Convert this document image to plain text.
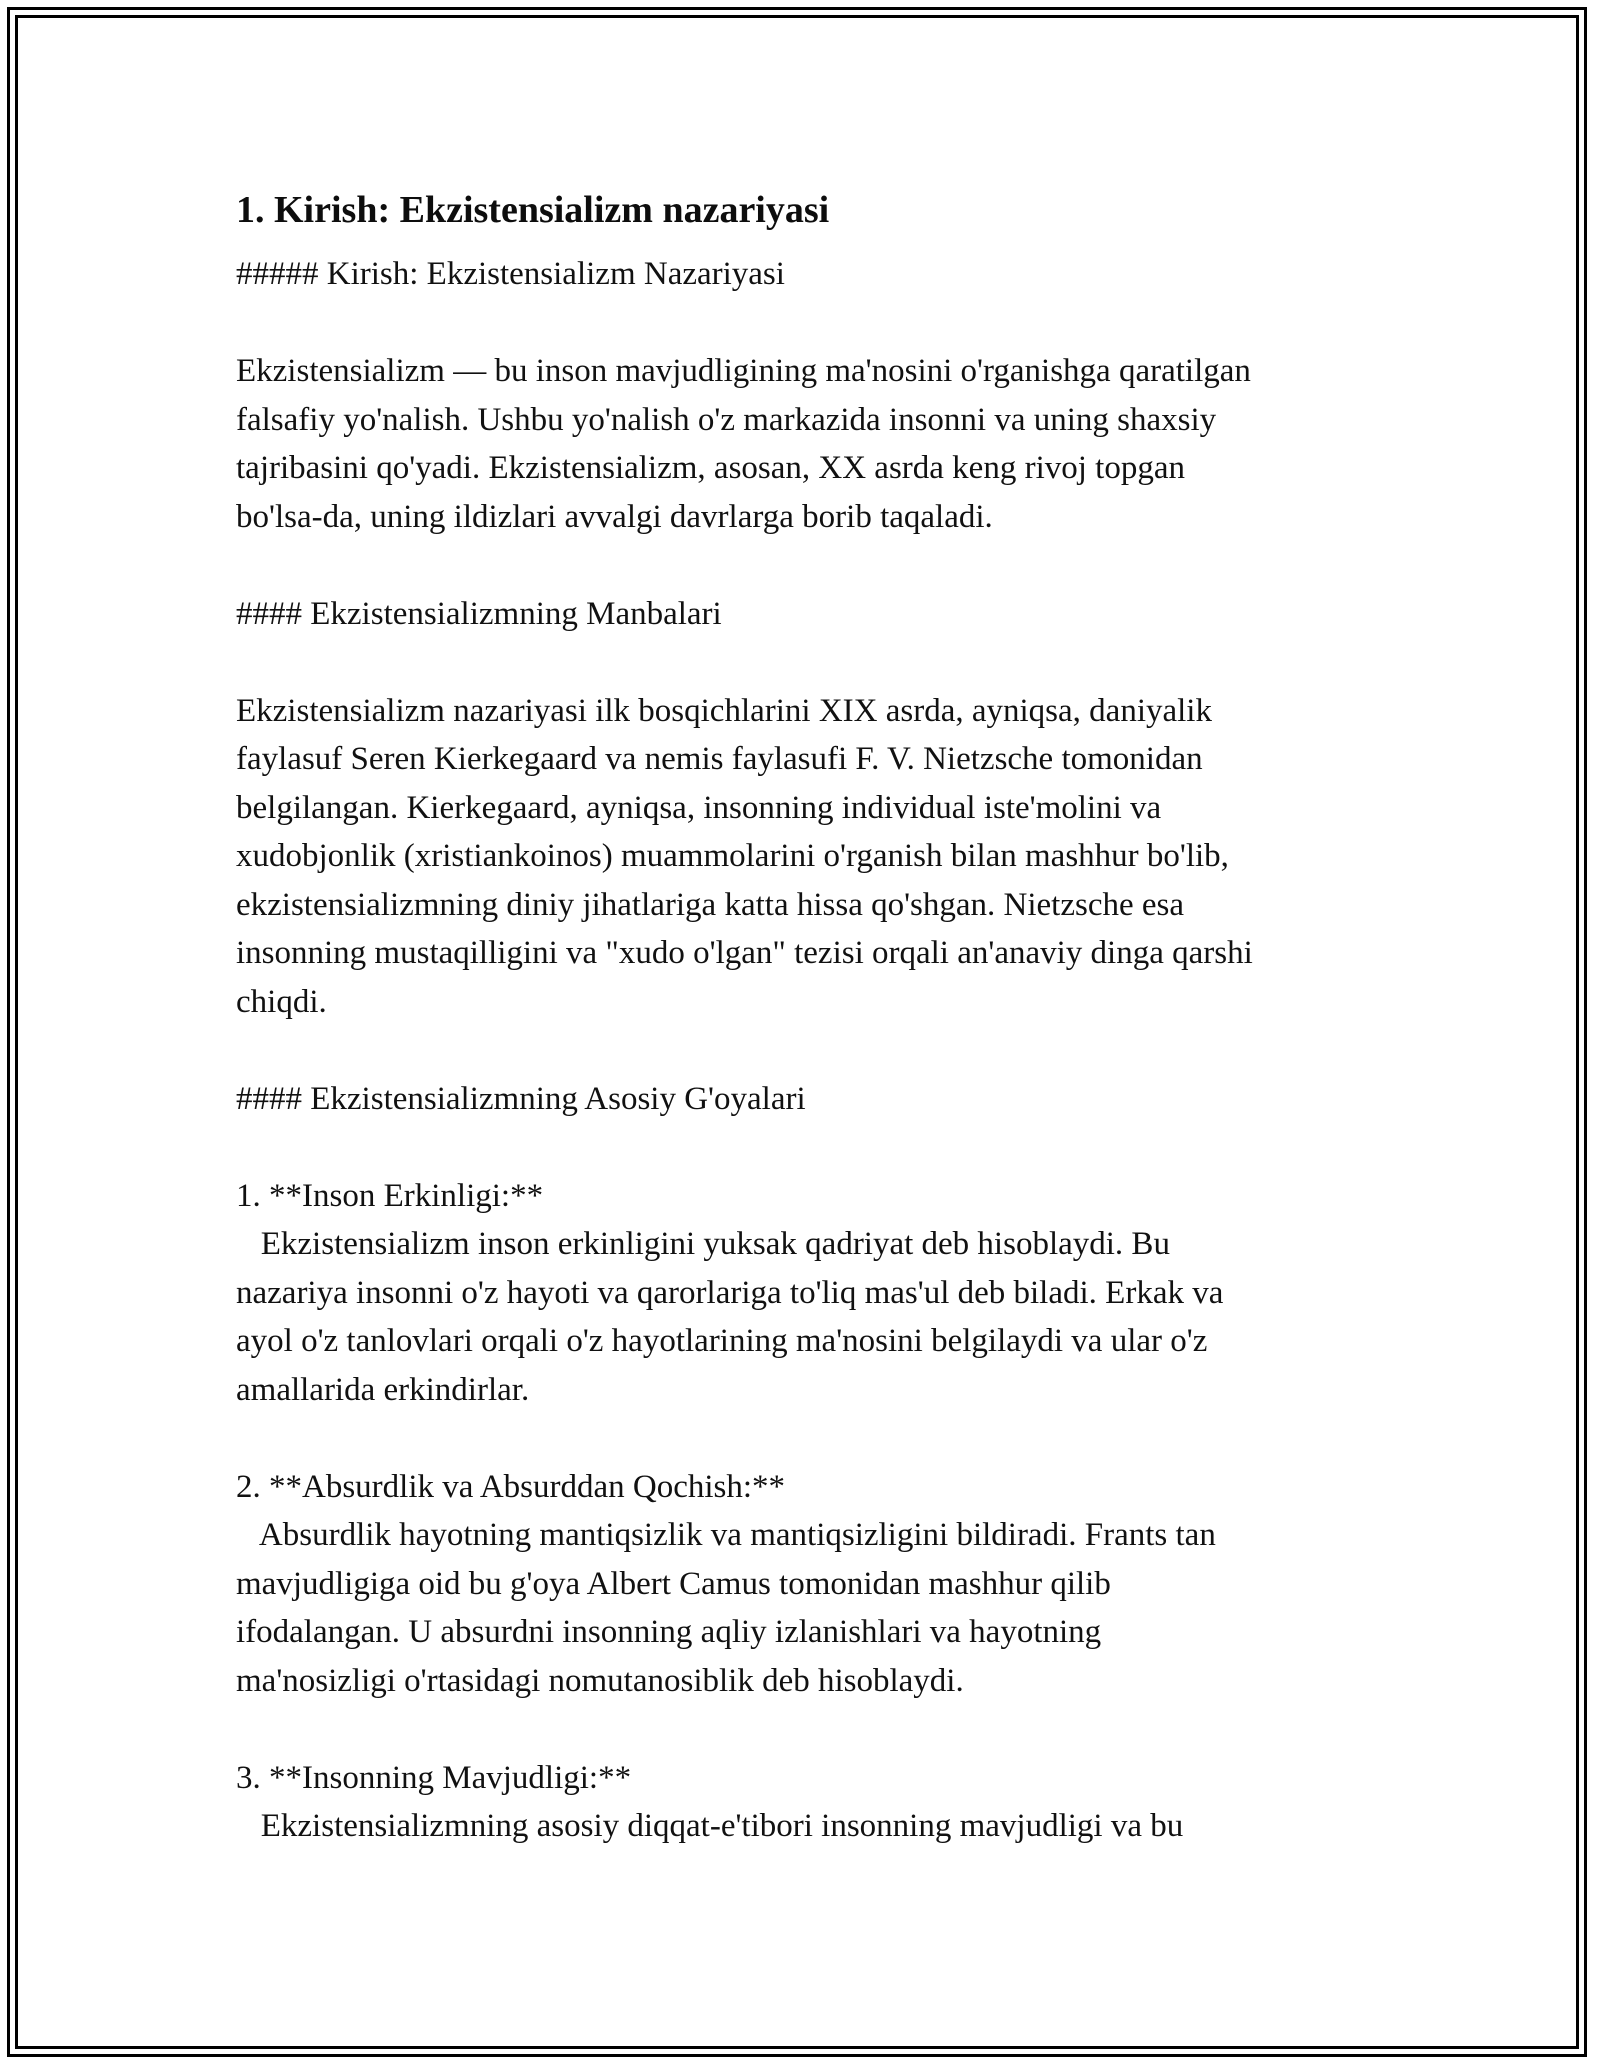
1. Kirish: Ekzistensializm nazariyasi

##### Kirish: Ekzistensializm Nazariyasi

Ekzistensializm — bu inson mavjudligining ma'nosini o'rganishga qaratilgan

falsafiy yo'nalish. Ushbu yo'nalish o'z markazida insonni va uning shaxsiy

tajribasini qo'yadi. Ekzistensializm, asosan, XX asrda keng rivoj topgan

bo'lsa-da, uning ildizlari avvalgi davrlarga borib taqaladi.

#### Ekzistensializmning Manbalari

Ekzistensializm nazariyasi ilk bosqichlarini XIX asrda, ayniqsa, daniyalik

faylasuf Seren Kierkegaard va nemis faylasufi F. V. Nietzsche tomonidan

belgilangan. Kierkegaard, ayniqsa, insonning individual iste'molini va

xudobjonlik (xristiankoinos) muammolarini o'rganish bilan mashhur bo'lib,

ekzistensializmning diniy jihatlariga katta hissa qo'shgan. Nietzsche esa

insonning mustaqilligini va "xudo o'lgan" tezisi orqali an'anaviy dinga qarshi

chiqdi.

#### Ekzistensializmning Asosiy G'oyalari

1. **Inson Erkinligi:**

Ekzistensializm inson erkinligini yuksak qadriyat deb hisoblaydi. Bu

nazariya insonni o'z hayoti va qarorlariga to'liq mas'ul deb biladi. Erkak va

ayol o'z tanlovlari orqali o'z hayotlarining ma'nosini belgilaydi va ular o'z

amallarida erkindirlar.

2. **Absurdlik va Absurddan Qochish:**

Absurdlik hayotning mantiqsizlik va mantiqsizligini bildiradi. Frants tan

mavjudligiga oid bu g'oya Albert Camus tomonidan mashhur qilib

ifodalangan. U absurdni insonning aqliy izlanishlari va hayotning

ma'nosizligi o'rtasidagi nomutanosiblik deb hisoblaydi.

3. **Insonning Mavjudligi:**

Ekzistensializmning asosiy diqqat-e'tibori insonning mavjudligi va bu
